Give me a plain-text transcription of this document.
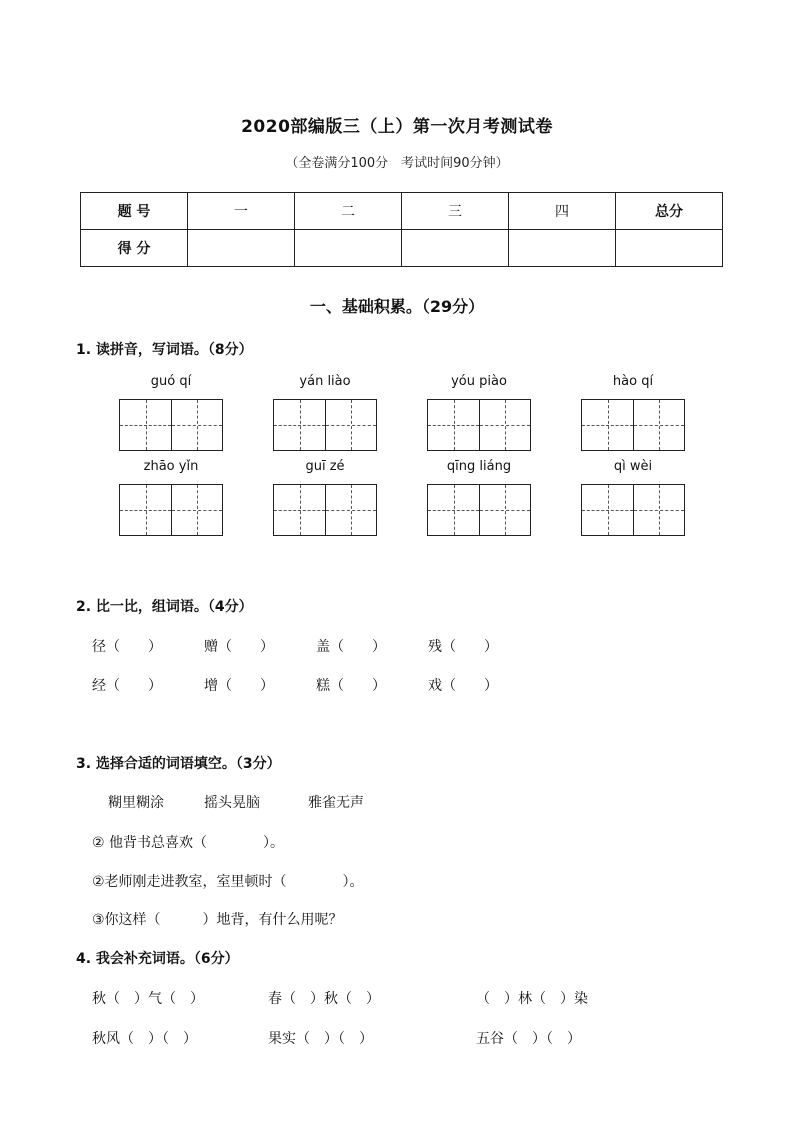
2020部编版三（上）第一次月考测试卷
（全卷满分100分　考试时间90分钟）
题 号	一	二	三	四	总分
得 分					
一、基础积累。（29分）
1. 读拼音，写词语。（8分）
guó qí	yán liào	yóu piào	hào qí
zhāo yǐn	guī zé	qīng liáng	qì wèi
2. 比一比，组词语。（4分）
径（　　）	赠（　　）	盖（　　）	残（　　）
经（　　）	增（　　）	糕（　　）	戏（　　）
3. 选择合适的词语填空。（3分）
糊里糊涂	摇头晃脑	雅雀无声
② 他背书总喜欢（　　　　）。
②老师刚走进教室，室里顿时（　　　　）。
③你这样（　　　）地背，有什么用呢？
4. 我会补充词语。（6分）
秋（　）气（　）	春（　）秋（　）	（　）林（　）染
秋风（　）（　）	果实（　）（　）	五谷（　）（　）
